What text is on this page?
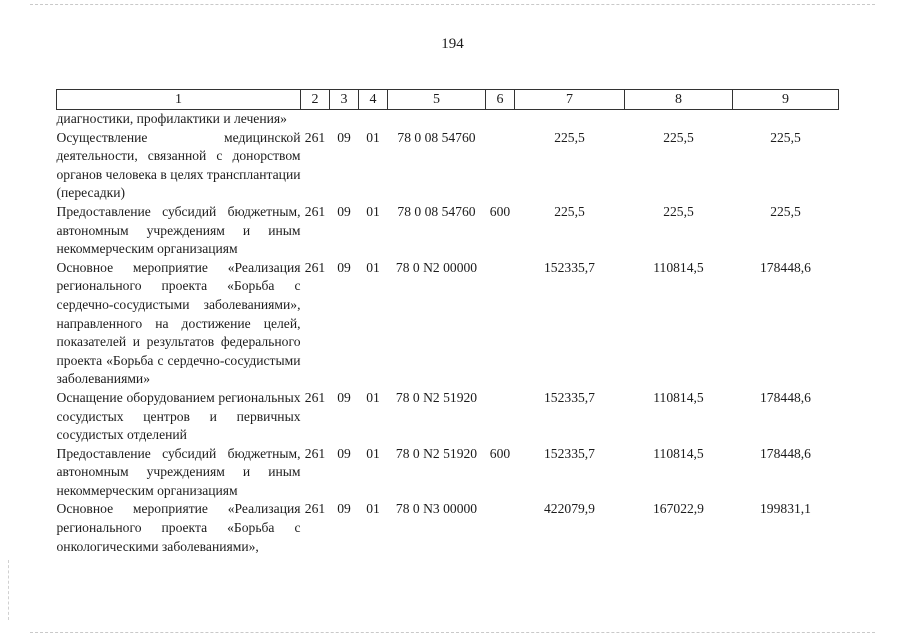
194
1	2	3	4	5	6	7	8	9
диагностики, профилактики и лечения»								
Осуществление медицинской деятельности, связанной с донорством органов человека в целях трансплантации (пересадки)	261	09	01	78 0 08 54760		225,5	225,5	225,5
Предоставление субсидий бюджетным, автономным учреждениям и иным некоммерческим организациям	261	09	01	78 0 08 54760	600	225,5	225,5	225,5
Основное мероприятие «Реализация регионального проекта «Борьба с сердечно-сосудистыми заболеваниями», направленного на достижение целей, показателей и результатов федерального проекта «Борьба с сердечно-сосудистыми заболеваниями»	261	09	01	78 0 N2 00000		152335,7	110814,5	178448,6
Оснащение оборудованием региональных сосудистых центров и первичных сосудистых отделений	261	09	01	78 0 N2 51920		152335,7	110814,5	178448,6
Предоставление субсидий бюджетным, автономным учреждениям и иным некоммерческим организациям	261	09	01	78 0 N2 51920	600	152335,7	110814,5	178448,6
Основное мероприятие «Реализация регионального проекта «Борьба с онкологическими заболеваниями»,	261	09	01	78 0 N3 00000		422079,9	167022,9	199831,1
